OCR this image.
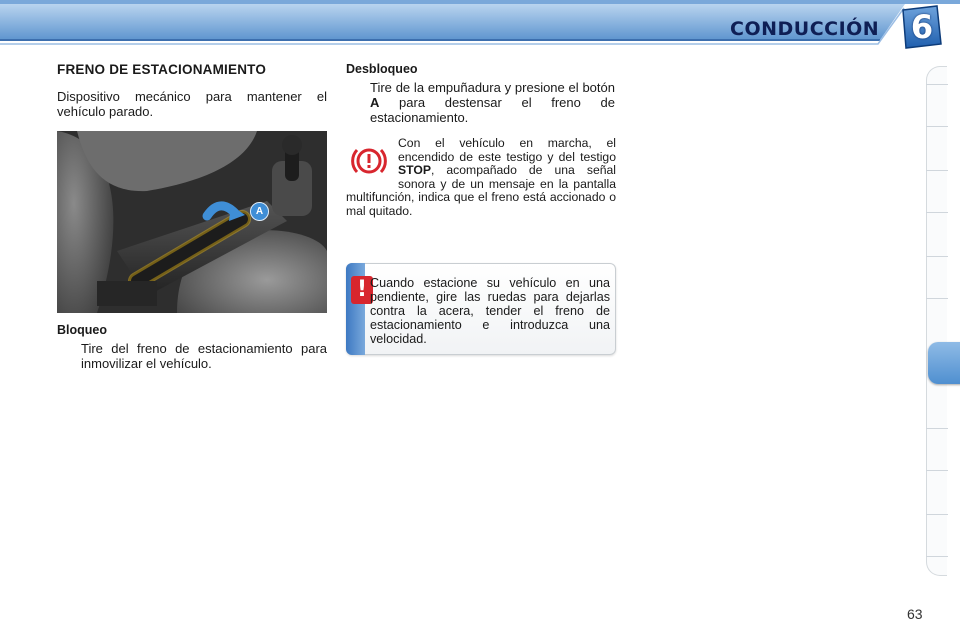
CONDUCCIÓN 6
FRENO DE ESTACIONAMIENTO
Dispositivo mecánico para mantener el vehículo parado.
A
Bloqueo
Tire del freno de estacionamiento para inmovilizar el vehículo.
Desbloqueo
Tire de la empuñadura y presione el botón A para destensar el freno de estacionamiento.
Con el vehículo en marcha, el encendido de este testigo y del testigo STOP, acompañado de una señal sonora y de un mensaje en la pantalla multifunción, indica que el freno está accionado o mal quitado.
! Cuando estacione su vehículo en una pendiente, gire las ruedas para dejarlas contra la acera, tender el freno de estacionamiento e introduzca una velocidad.
63
